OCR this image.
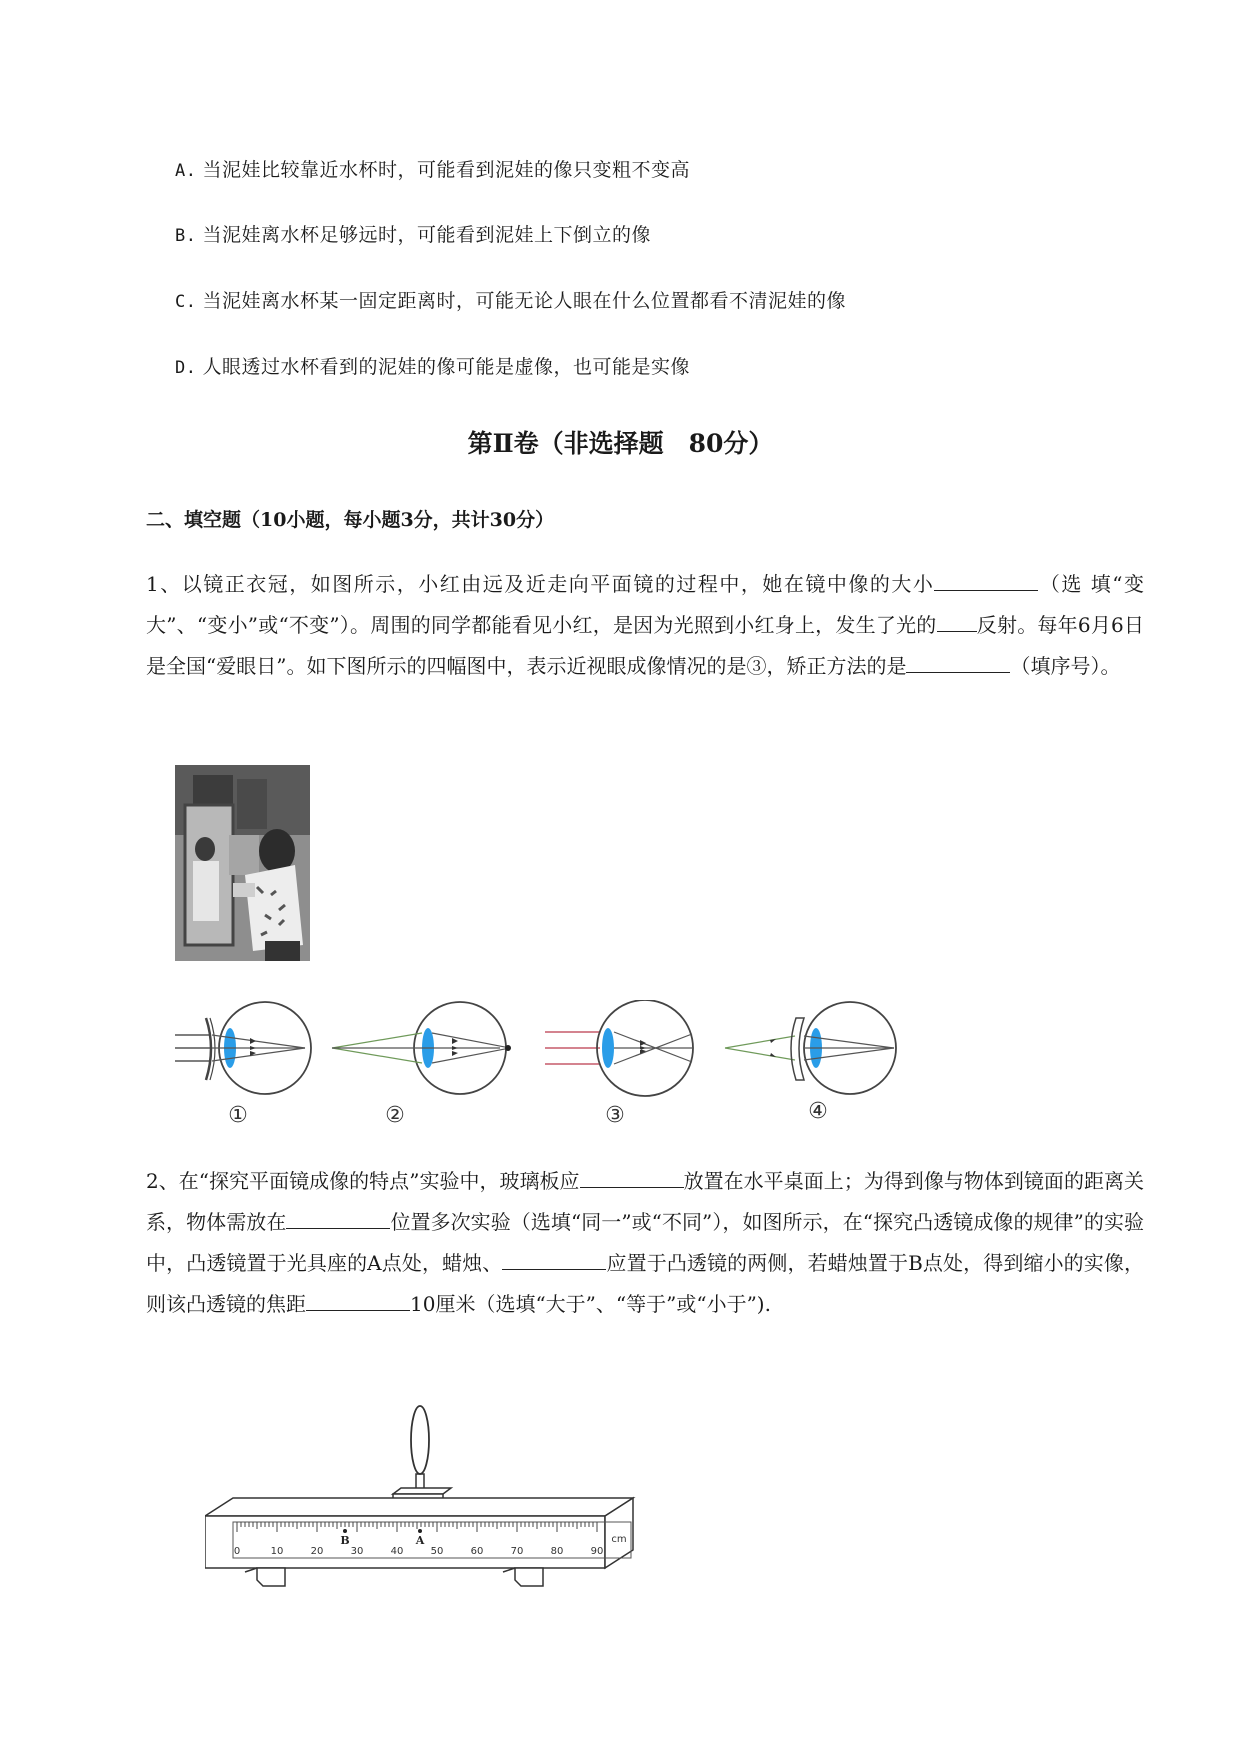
A. 当泥娃比较靠近水杯时，可能看到泥娃的像只变粗不变高
B. 当泥娃离水杯足够远时，可能看到泥娃上下倒立的像
C. 当泥娃离水杯某一固定距离时，可能无论人眼在什么位置都看不清泥娃的像
D. 人眼透过水杯看到的泥娃的像可能是虚像，也可能是实像
第Ⅱ卷（非选择题　80分）
二、填空题（10小题，每小题3分，共计30分）
1、以镜正衣冠，如图所示，小红由远及近走向平面镜的过程中，她在镜中像的大小	（选 填“变大”、“变小”或“不变”）。周围的同学都能看见小红，是因为光照到小红身上，发生了光的 反射。每年6月6日是全国“爱眼日”。如下图所示的四幅图中，表示近视眼成像情况的是③，矫正方法的是	（填序号）。
①	②	③	④
2、在“探究平面镜成像的特点”实验中，玻璃板应	放置在水平桌面上；为得到像与物体到镜面的距离关系，物体需放在	位置多次实验（选填“同一”或“不同”），如图所示，在“探究凸透镜成像的规律”的实验中，凸透镜置于光具座的A点处，蜡烛、	应置于凸透镜的两侧，若蜡烛置于B点处，得到缩小的实像，则该凸透镜的焦距	10厘米（选填“大于”、“等于”或“小于”).
0	10	20	30	40	50	60	70	80	90
cm
B	A
